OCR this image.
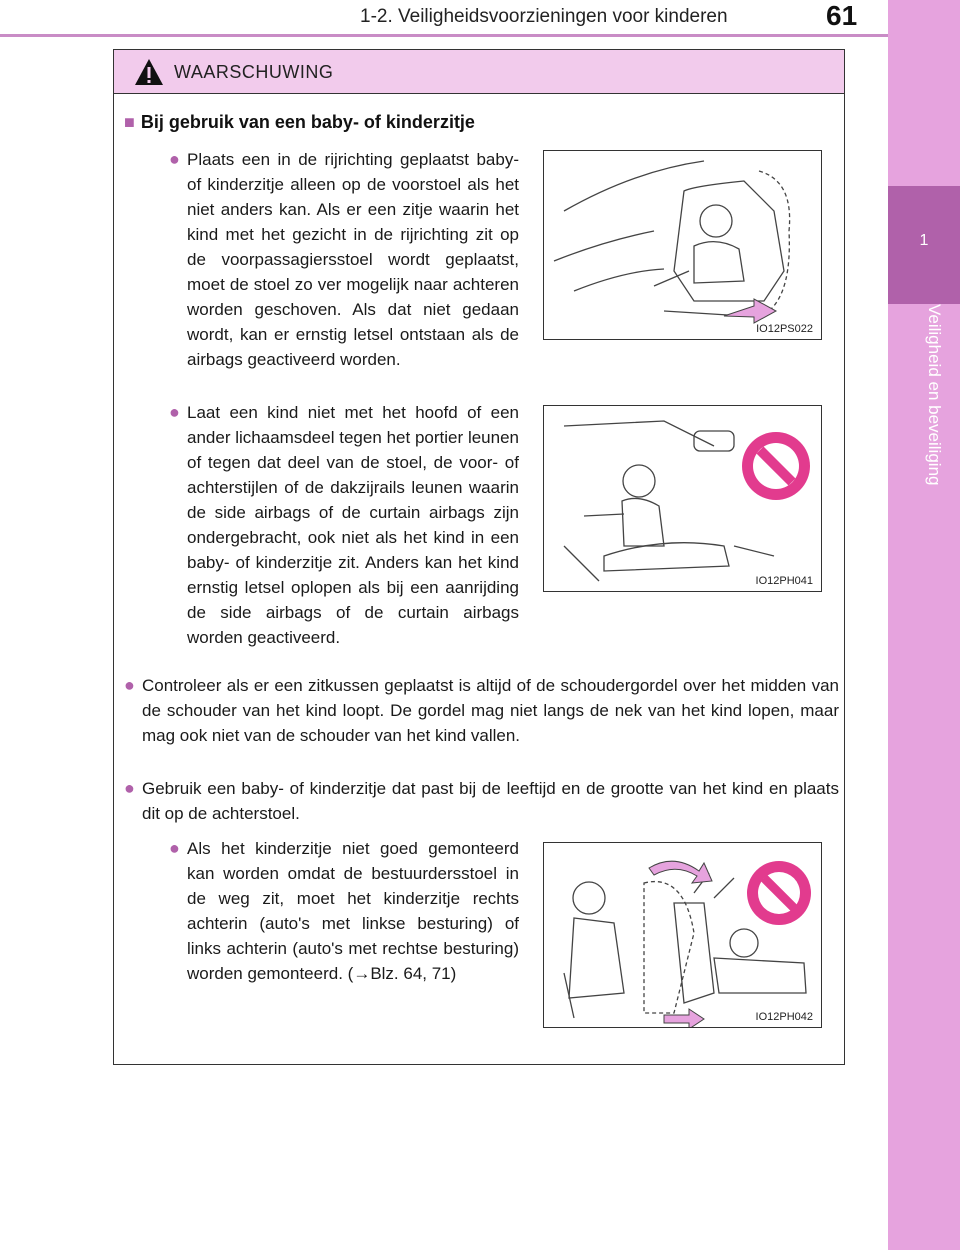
1-2. Veiligheidsvoorzieningen voor kinderen	61
1
Veiligheid en beveiliging
WAARSCHUWING
■ Bij gebruik van een baby- of kinderzitje
● Plaats een in de rijrichting geplaatst baby- of kinderzitje alleen op de voorstoel als het niet anders kan. Als er een zitje waarin het kind met het gezicht in de rijrichting zit op de voorpassagiersstoel wordt geplaatst, moet de stoel zo ver mogelijk naar achteren worden geschoven. Als dat niet gedaan wordt, kan er ernstig letsel ontstaan als de airbags geactiveerd worden.
IO12PS022
● Laat een kind niet met het hoofd of een ander lichaamsdeel tegen het portier leunen of tegen dat deel van de stoel, de voor- of achterstijlen of de dakzijrails leunen waarin de side airbags of de curtain airbags zijn ondergebracht, ook niet als het kind in een baby- of kinderzitje zit. Anders kan het kind ernstig letsel oplopen als bij een aanrijding de side airbags of de curtain airbags worden geactiveerd.
IO12PH041
● Controleer als er een zitkussen geplaatst is altijd of de schoudergordel over het midden van de schouder van het kind loopt. De gordel mag niet langs de nek van het kind lopen, maar mag ook niet van de schouder van het kind vallen.
● Gebruik een baby- of kinderzitje dat past bij de leeftijd en de grootte van het kind en plaats dit op de achterstoel.
● Als het kinderzitje niet goed gemonteerd kan worden omdat de bestuurdersstoel in de weg zit, moet het kinderzitje rechts achterin (auto's met linkse besturing) of links achterin (auto's met rechtse besturing) worden gemonteerd. (→Blz. 64, 71)
IO12PH042
